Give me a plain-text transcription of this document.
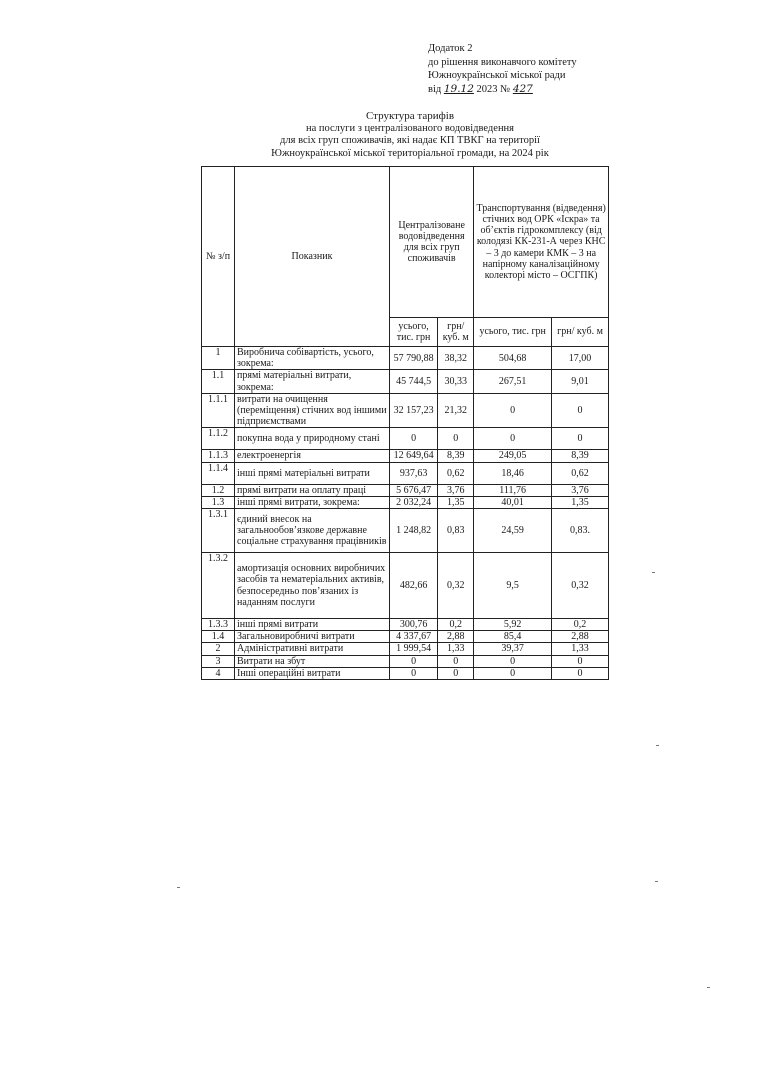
Додаток 2
до рішення виконавчого комітету
Южноукраїнської міської ради
від 19.12 2023 № 427
Структура тарифів
на послуги з централізованого водовідведення
для всіх груп споживачів, які надає КП ТВКГ на території
Южноукраїнської міської територіальної громади, на 2024 рік
№ з/п	Показник	Централізоване водовідведення для всіх груп споживачів		Транспортування (відведення) стічних вод ОРК «Іскра» та об’єктів гідрокомплексу (від колодязі КК-231-А через КНС – 3 до камери КМК – 3 на напірному каналізаційному колекторі місто – ОСГПК)	
		усього, тис. грн	грн/ куб. м	усього, тис. грн	грн/ куб. м
1	Виробнича собівартість, усього, зокрема:	57 790,88	38,32	504,68	17,00
1.1	прямі матеріальні витрати, зокрема:	45 744,5	30,33	267,51	9,01
1.1.1	витрати на очищення (переміщення) стічних вод іншими підприємствами	32 157,23	21,32	0	0
1.1.2	покупна вода у природному стані	0	0	0	0
1.1.3	електроенергія	12 649,64	8,39	249,05	8,39
1.1.4	інші прямі матеріальні витрати	937,63	0,62	18,46	0,62
1.2	прямі витрати на оплату праці	5 676,47	3,76	111,76	3,76
1.3	інші прямі витрати, зокрема:	2 032,24	1,35	40,01	1,35
1.3.1	єдиний внесок на загальнообов’язкове державне соціальне страхування працівників	1 248,82	0,83	24,59	0,83.
1.3.2	амортизація основних виробничих засобів та нематеріальних активів, безпосередньо пов’язаних із наданням послуги	482,66	0,32	9,5	0,32
1.3.3	інші прямі витрати	300,76	0,2	5,92	0,2
1.4	Загальновиробничі витрати	4 337,67	2,88	85,4	2,88
2	Адміністративні витрати	1 999,54	1,33	39,37	1,33
3	Витрати на збут	0	0	0	0
4	Інші операційні витрати	0	0	0	0
